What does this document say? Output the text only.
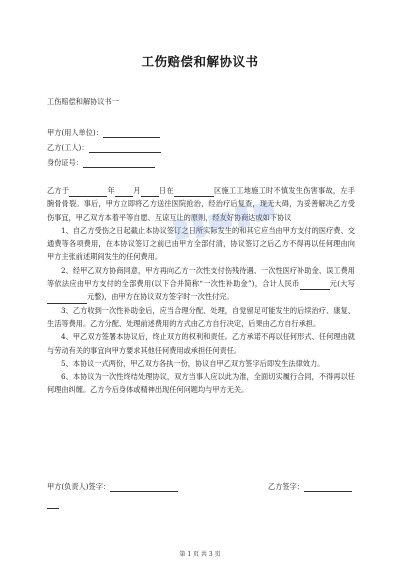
工伤赔偿和解协议书
工伤赔偿和解协议书一
甲方(用人单位)：
乙方(工人)：
身份证号：

乙方于	年	月	日在	区施工工地施工时不慎发生伤害事故，左手腕骨骨裂。事后，甲方立即将乙方送往医院抢治，经治疗后复查，现无大碍，为妥善解决乙方受伤事宜，甲乙双方本着平等自愿、互谅互让的原则，经友好协商达成如下协议

1、自乙方受伤之日起截止本协议签订之日所实际发生的和其它应当由甲方支付的医疗费、交通费等各项费用，在本协议签订之前已由甲方全部付清，协议签订之后乙方不得再以任何理由向甲方主张前述期间发生的任何费用。

2、经甲乙双方协商同意，甲方再向乙方一次性支付伤残待遇、一次性医疗补助金、误工费用等依法应由甲方支付的全部费用(以下合并简称“一次性补助金”)，合计人民币	元(大写元整)，由甲方在协议双方签字时一次性付完。

3、乙方收到一次性补助金后，应当合理分配、处理，自觉留足可能发生的后续治疗、康复、生活等费用。乙方分配、处理前述费用的方式由乙方自行决定，后果由乙方自行承担。

4、甲乙双方签署本协议后，终止双方的权利和责任。乙方承诺不再以任何形式、任何理由就与劳动有关的事宜向甲方要求其他任何费用或承担任何责任。

5、本协议一式两份，甲乙双方各执一份，协议自甲乙双方签字后即发生法律效力。

6、本协议为一次性终结处理协议，双方当事人应以此为准，全面切实履行合同，不得再以任何理由纠缠。乙方今后身体或精神出现任何问题均与甲方无关。

甲方(负责人)签字：	乙方签字：
第 1 页 共 3 页
